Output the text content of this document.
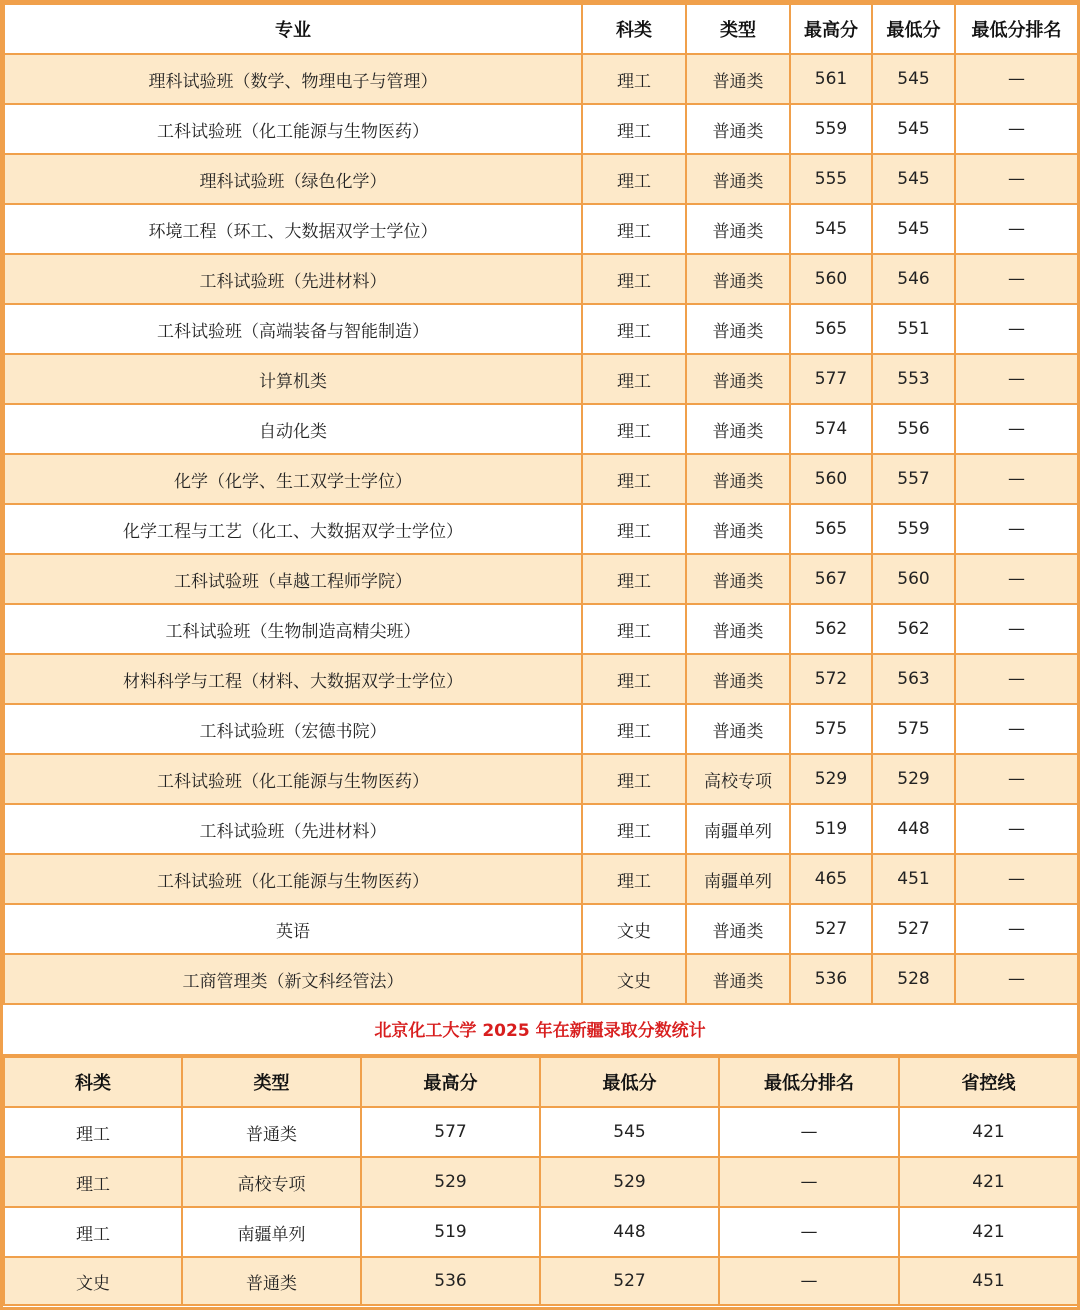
专业	科类	类型	最高分	最低分	最低分排名
理科试验班（数学、物理电子与管理）	理工	普通类	561	545	—
工科试验班（化工能源与生物医药）	理工	普通类	559	545	—
理科试验班（绿色化学）	理工	普通类	555	545	—
环境工程（环工、大数据双学士学位）	理工	普通类	545	545	—
工科试验班（先进材料）	理工	普通类	560	546	—
工科试验班（高端装备与智能制造）	理工	普通类	565	551	—
计算机类	理工	普通类	577	553	—
自动化类	理工	普通类	574	556	—
化学（化学、生工双学士学位）	理工	普通类	560	557	—
化学工程与工艺（化工、大数据双学士学位）	理工	普通类	565	559	—
工科试验班（卓越工程师学院）	理工	普通类	567	560	—
工科试验班（生物制造高精尖班）	理工	普通类	562	562	—
材料科学与工程（材料、大数据双学士学位）	理工	普通类	572	563	—
工科试验班（宏德书院）	理工	普通类	575	575	—
工科试验班（化工能源与生物医药）	理工	高校专项	529	529	—
工科试验班（先进材料）	理工	南疆单列	519	448	—
工科试验班（化工能源与生物医药）	理工	南疆单列	465	451	—
英语	文史	普通类	527	527	—
工商管理类（新文科经管法）	文史	普通类	536	528	—
北京化工大学 2025 年在新疆录取分数统计
科类	类型	最高分	最低分	最低分排名	省控线
理工	普通类	577	545	—	421
理工	高校专项	529	529	—	421
理工	南疆单列	519	448	—	421
文史	普通类	536	527	—	451
